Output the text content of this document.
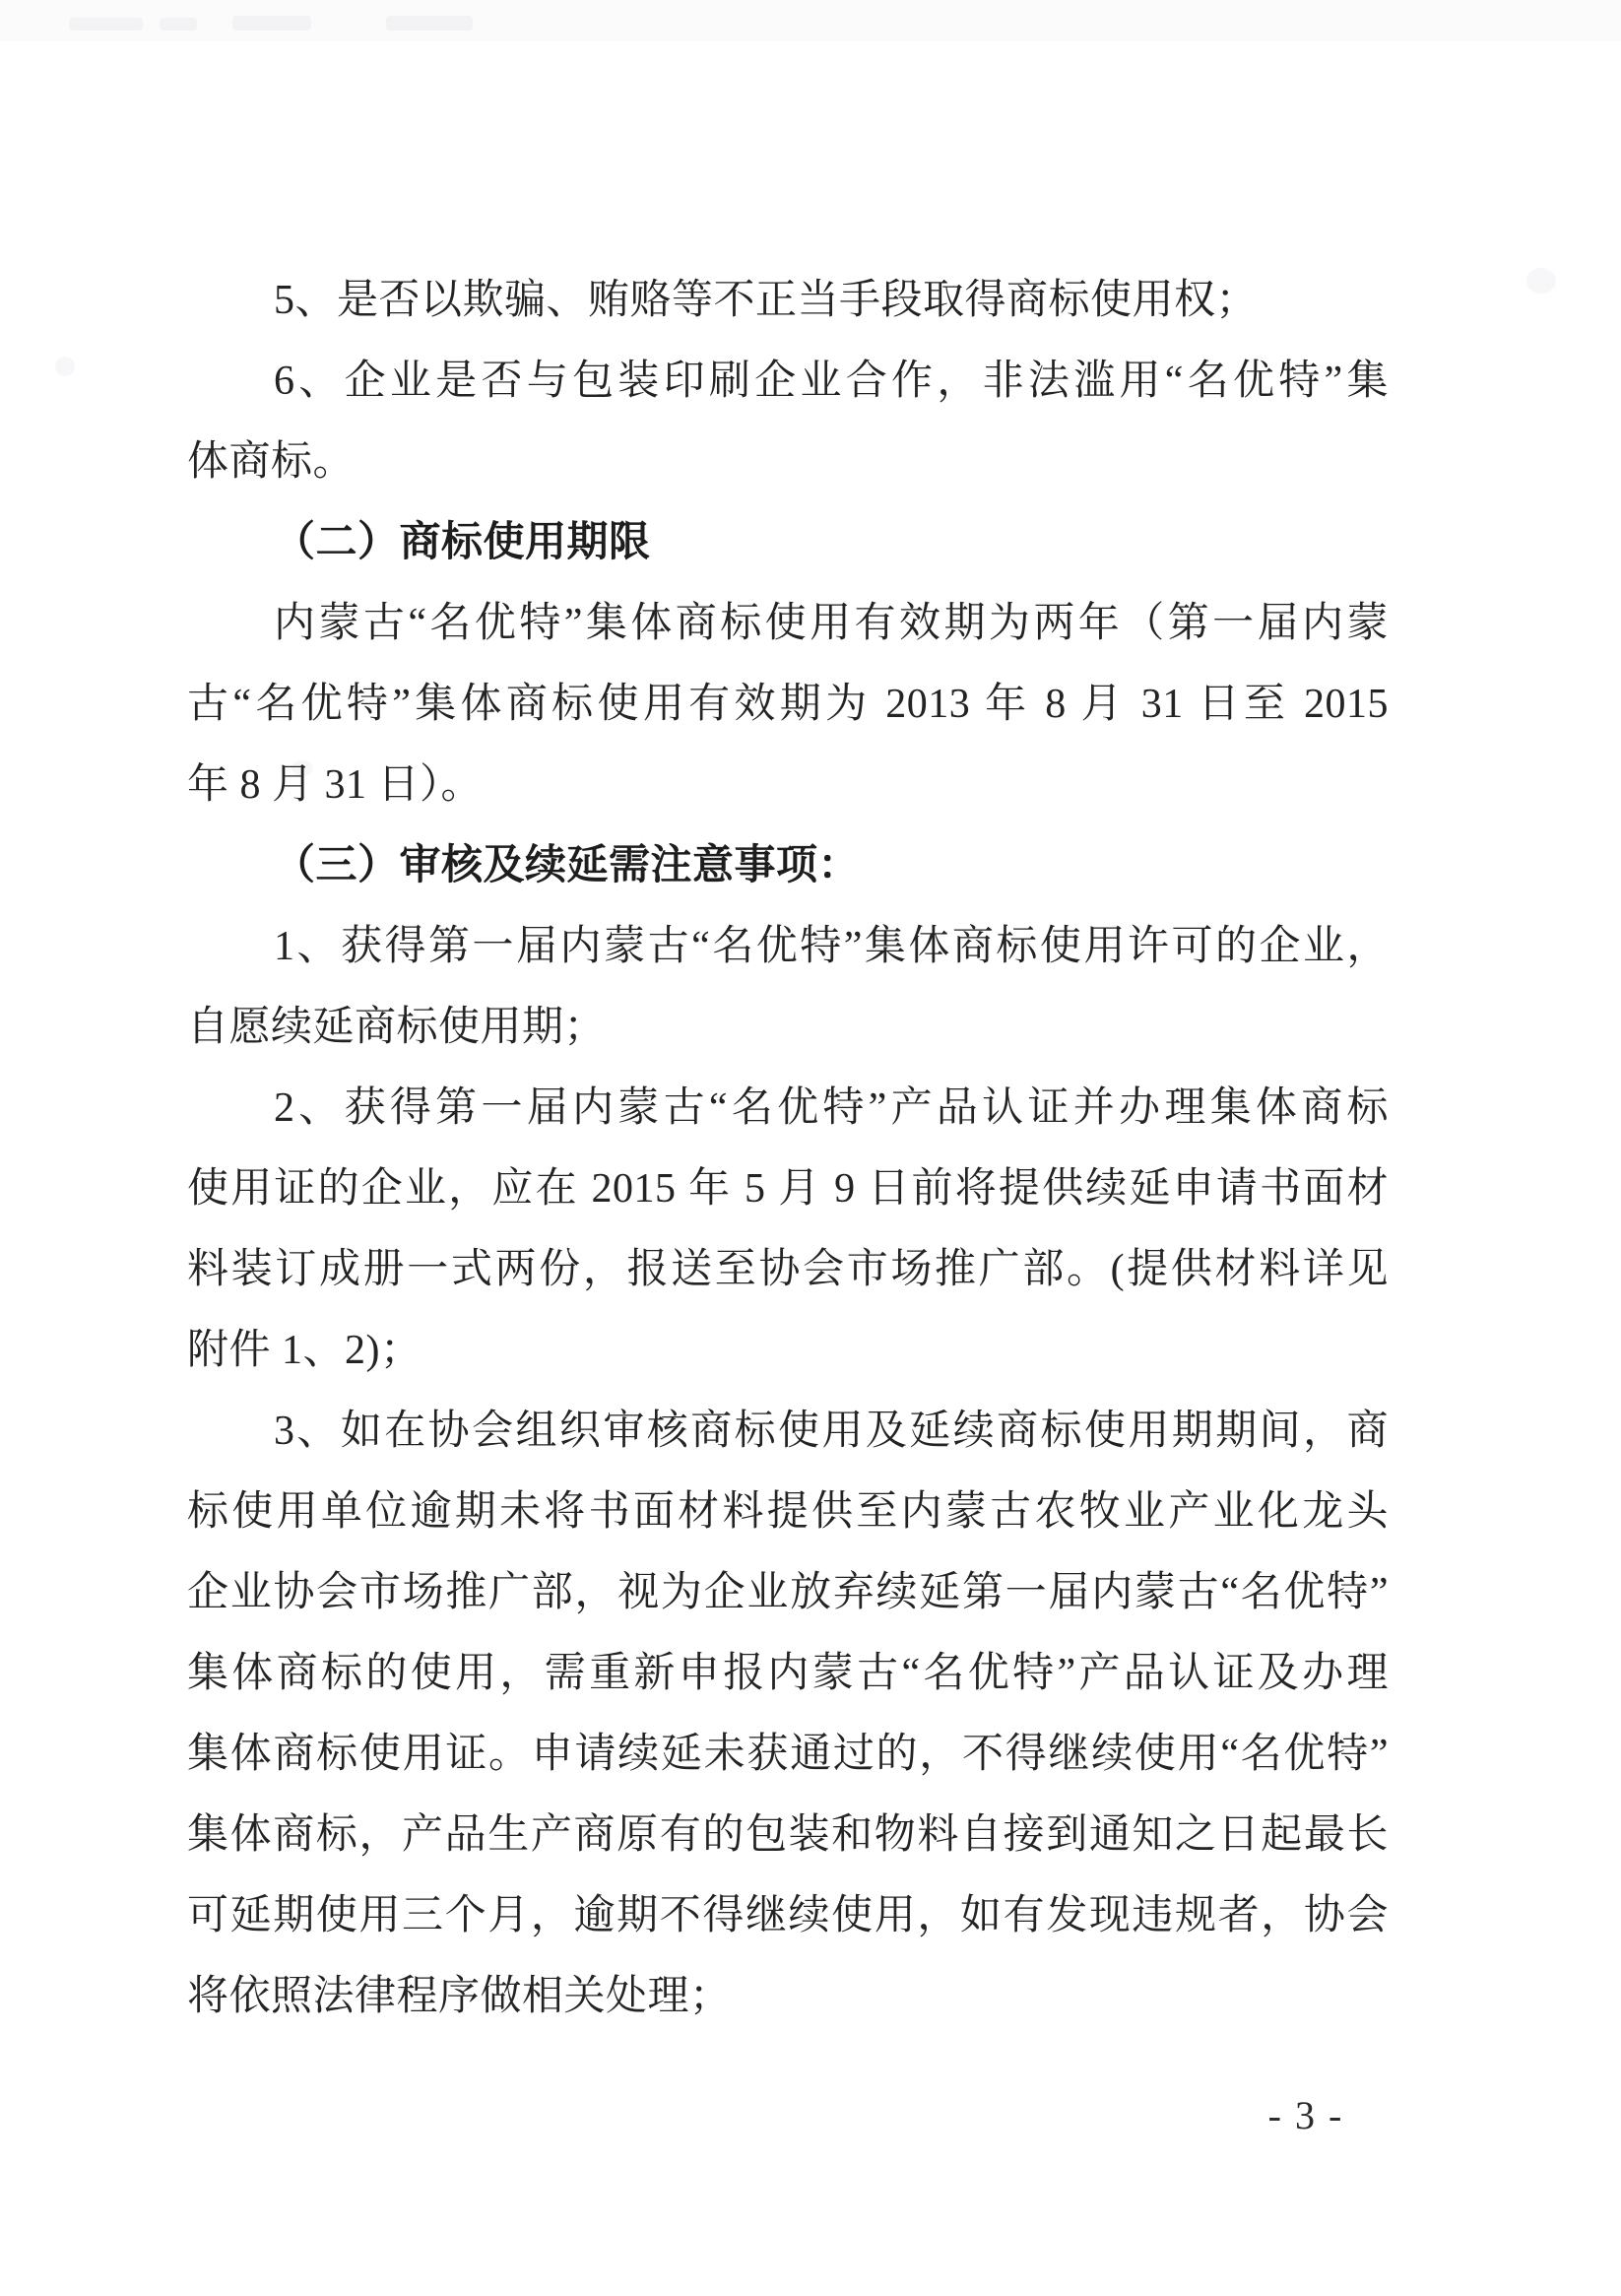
5、是否以欺骗、贿赂等不正当手段取得商标使用权；
6、企业是否与包装印刷企业合作，非法滥用“名优特”集
体商标。
（二）商标使用期限
内蒙古“名优特”集体商标使用有效期为两年（第一届内蒙
古“名优特”集体商标使用有效期为 2013 年 8 月 31 日至 2015
年 8 月 31 日）。
（三）审核及续延需注意事项：
1、获得第一届内蒙古“名优特”集体商标使用许可的企业，
自愿续延商标使用期；
2、获得第一届内蒙古“名优特”产品认证并办理集体商标
使用证的企业，应在 2015 年 5 月 9 日前将提供续延申请书面材
料装订成册一式两份，报送至协会市场推广部。(提供材料详见
附件 1、2)；
3、如在协会组织审核商标使用及延续商标使用期期间，商
标使用单位逾期未将书面材料提供至内蒙古农牧业产业化龙头
企业协会市场推广部，视为企业放弃续延第一届内蒙古“名优特”
集体商标的使用，需重新申报内蒙古“名优特”产品认证及办理
集体商标使用证。申请续延未获通过的，不得继续使用“名优特”
集体商标，产品生产商原有的包装和物料自接到通知之日起最长
可延期使用三个月，逾期不得继续使用，如有发现违规者，协会
将依照法律程序做相关处理；
- 3 -
